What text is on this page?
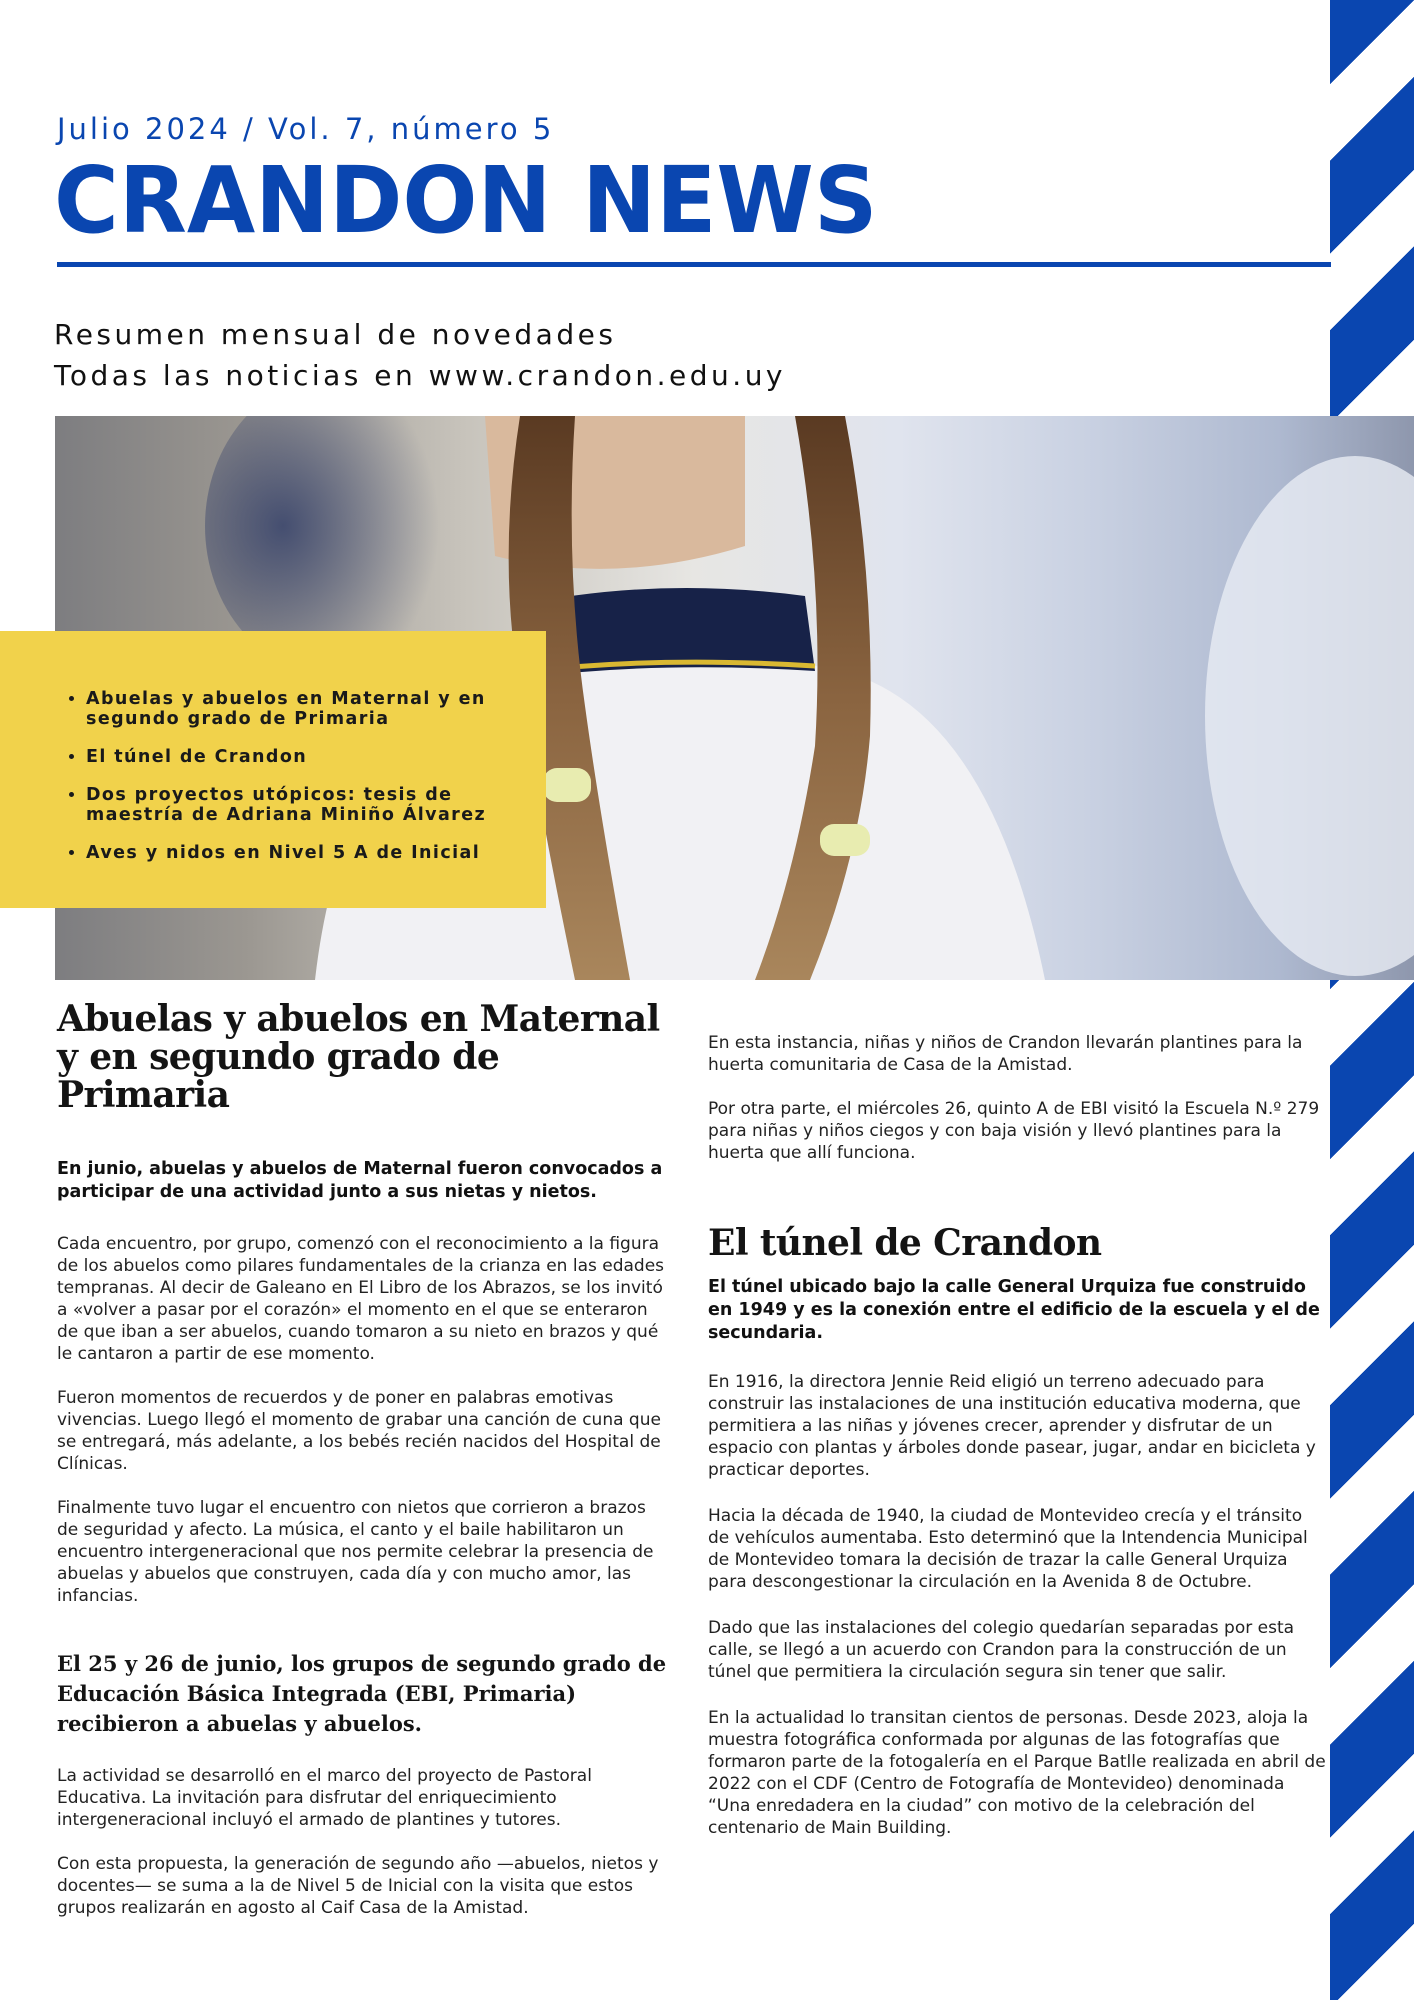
Julio 2024 / Vol. 7, número 5
CRANDON NEWS

Resumen mensual de novedades

Todas las noticias en www.crandon.edu.uy

• Abuelas y abuelos en Maternal y en segundo grado de Primaria
• El túnel de Crandon
• Dos proyectos utópicos: tesis de maestría de Adriana Miniño Álvarez
• Aves y nidos en Nivel 5 A de Inicial
Abuelas y abuelos en Maternal y en segundo grado de Primaria

En junio, abuelas y abuelos de Maternal fueron convocados a participar de una actividad junto a sus nietas y nietos.

Cada encuentro, por grupo, comenzó con el reconocimiento a la figura de los abuelos como pilares fundamentales de la crianza en las edades tempranas. Al decir de Galeano en El Libro de los Abrazos, se los invitó a «volver a pasar por el corazón» el momento en el que se enteraron de que iban a ser abuelos, cuando tomaron a su nieto en brazos y qué le cantaron a partir de ese momento.

Fueron momentos de recuerdos y de poner en palabras emotivas vivencias. Luego llegó el momento de grabar una canción de cuna que se entregará, más adelante, a los bebés recién nacidos del Hospital de Clínicas.

Finalmente tuvo lugar el encuentro con nietos que corrieron a brazos de seguridad y afecto. La música, el canto y el baile habilitaron un encuentro intergeneracional que nos permite celebrar la presencia de abuelas y abuelos que construyen, cada día y con mucho amor, las infancias.

El 25 y 26 de junio, los grupos de segundo grado de Educación Básica Integrada (EBI, Primaria) recibieron a abuelas y abuelos.

La actividad se desarrolló en el marco del proyecto de Pastoral Educativa. La invitación para disfrutar del enriquecimiento intergeneracional incluyó el armado de plantines y tutores.

Con esta propuesta, la generación de segundo año —abuelos, nietos y docentes— se suma a la de Nivel 5 de Inicial con la visita que estos grupos realizarán en agosto al Caif Casa de la Amistad.

En esta instancia, niñas y niños de Crandon llevarán plantines para la huerta comunitaria de Casa de la Amistad.

Por otra parte, el miércoles 26, quinto A de EBI visitó la Escuela N.º 279 para niñas y niños ciegos y con baja visión y llevó plantines para la huerta que allí funciona.

El túnel de Crandon

El túnel ubicado bajo la calle General Urquiza fue construido en 1949 y es la conexión entre el edificio de la escuela y el de secundaria.

En 1916, la directora Jennie Reid eligió un terreno adecuado para construir las instalaciones de una institución educativa moderna, que permitiera a las niñas y jóvenes crecer, aprender y disfrutar de un espacio con plantas y árboles donde pasear, jugar, andar en bicicleta y practicar deportes.

Hacia la década de 1940, la ciudad de Montevideo crecía y el tránsito de vehículos aumentaba. Esto determinó que la Intendencia Municipal de Montevideo tomara la decisión de trazar la calle General Urquiza para descongestionar la circulación en la Avenida 8 de Octubre.

Dado que las instalaciones del colegio quedarían separadas por esta calle, se llegó a un acuerdo con Crandon para la construcción de un túnel que permitiera la circulación segura sin tener que salir.

En la actualidad lo transitan cientos de personas. Desde 2023, aloja la muestra fotográfica conformada por algunas de las fotografías que formaron parte de la fotogalería en el Parque Batlle realizada en abril de 2022 con el CDF (Centro de Fotografía de Montevideo) denominada “Una enredadera en la ciudad” con motivo de la celebración del centenario de Main Building.
